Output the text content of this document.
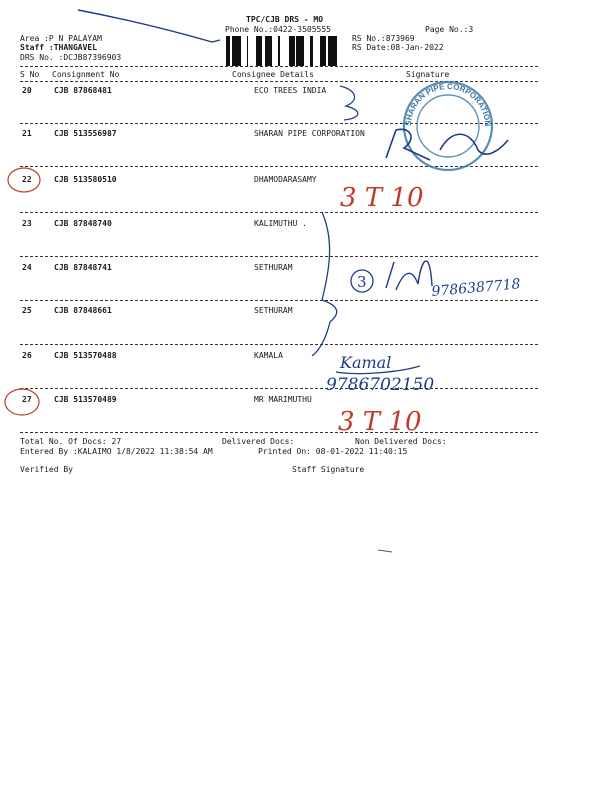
TPC/CJB DRS - MO
Phone No.:0422-3505555	Page No.:3
Area :P N PALAYAM	RS No.:873969
Staff :THANGAVEL	RS Date:08-Jan-2022
DRS No. :DCJB87396903
S No Consignment No	Consignee Details	Signature
20	CJB 87868481	ECO TREES INDIA
21	CJB 513556987	SHARAN PIPE CORPORATION
22	CJB 513580510	DHAMODARASAMY
23	CJB 87848740	KALIMUTHU .
24	CJB 87848741	SETHURAM
25	CJB 87848661	SETHURAM
26	CJB 513570488	KAMALA
27	CJB 513570489	MR MARIMUTHU
Total No. Of Docs: 27	Delivered Docs:	Non Delivered Docs:
Entered By :KALAIMO 1/8/2022 11:38:54 AM	Printed On: 08-01-2022 11:40:15
Verified By	Staff Signature
SHARAN PIPE CORPORATION
3 T 10
3	9786387718
Kamal
9786702150
3 T 10
